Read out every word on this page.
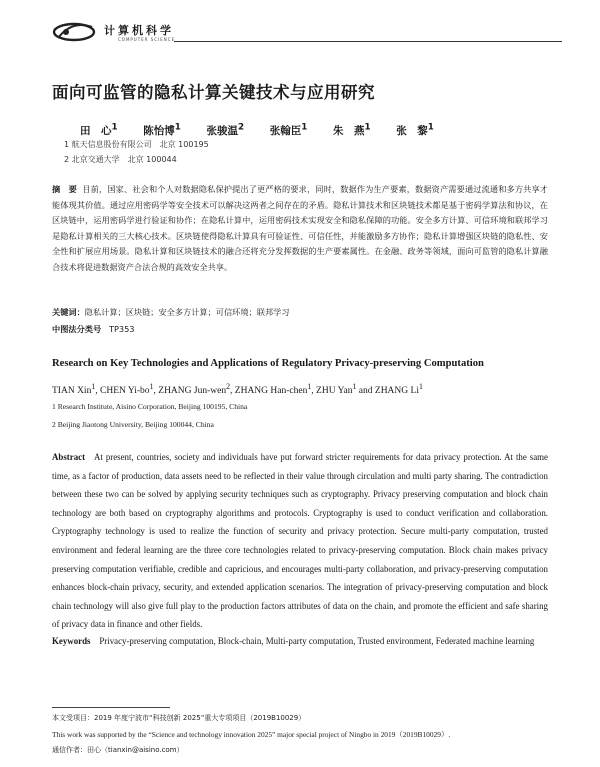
计算机科学
COMPUTER SCIENCE
面向可监管的隐私计算关键技术与应用研究
田　心$^1$ 陈怡博$^1$ 张骏温$^2$ 张翰臣$^1$ 朱　燕$^1$ 张　黎$^1$
1 航天信息股份有限公司　北京 100195
2 北京交通大学　北京 100044
摘　要 目前，国家、社会和个人对数据隐私保护提出了更严格的要求，同时，数据作为生产要素，数据资产需要通过流通和多方共享才能体现其价值。通过应用密码学等安全技术可以解决这两者之间存在的矛盾。隐私计算技术和区块链技术都是基于密码学算法和协议，在区块链中，运用密码学进行验证和协作；在隐私计算中，运用密码技术实现安全和隐私保障的功能。安全多方计算、可信环境和联邦学习是隐私计算相关的三大核心技术。区块链使得隐私计算具有可验证性、可信任性，并能激励多方协作；隐私计算增强区块链的隐私性、安全性和扩展应用场景。隐私计算和区块链技术的融合还将充分发挥数据的生产要素属性。在金融、政务等领域，面向可监管的隐私计算融合技术将促进数据资产合法合规的高效安全共享。
关键词：隐私计算；区块链；安全多方计算；可信环境；联邦学习
中图法分类号 TP353
Research on Key Technologies and Applications of Regulatory Privacy-preserving Computation
TIAN Xin$^1$, CHEN $Yi-bo^1$, ZHANG Jun-wen$^2$, ZHANG Han-chen$^1$, ZHU Yan$^1$ and ZHANG Li$^1$
1 Research Institute, Aisino Corporation, Beijing 100195, China
2 Beijing Jiaotong University, Beijing 100044, China
Abstract At present, countries, society and individuals have put forward stricter requirements for data privacy protection. At the same time, as a factor of production, data assets need to be reflected in their value through circulation and multi party sharing. The contradiction between these two can be solved by applying security techniques such as cryptography. Privacy preserving computation and block chain technology are both based on cryptography algorithms and protocols. Cryptography is used to conduct verification and collaboration. Cryptography technology is used to realize the function of security and privacy protection. Secure multi-party computation, trusted environment and federal learning are the three core technologies related to privacy-preserving computation. Block chain makes privacy preserving computation verifiable, credible and capricious, and encourages multi-party collaboration, and privacy-preserving computation enhances block-chain privacy, security, and extended application scenarios. The integration of privacy-preserving computation and block chain technology will also give full play to the production factors attributes of data on the chain, and promote the efficient and safe sharing of privacy data in finance and other fields.
Keywords Privacy-preserving computation, Block-chain, Multi-party computation, Trusted environment, Federated machine learning
本文受项目：2019 年度宁波市“科技创新 2025”重大专项项目（2019B10029）
This work was supported by the “Science and technology innovation 2025” major special project of Ningbo in 2019（2019B10029）.
通信作者：田心（tianxin@aisino.com）
